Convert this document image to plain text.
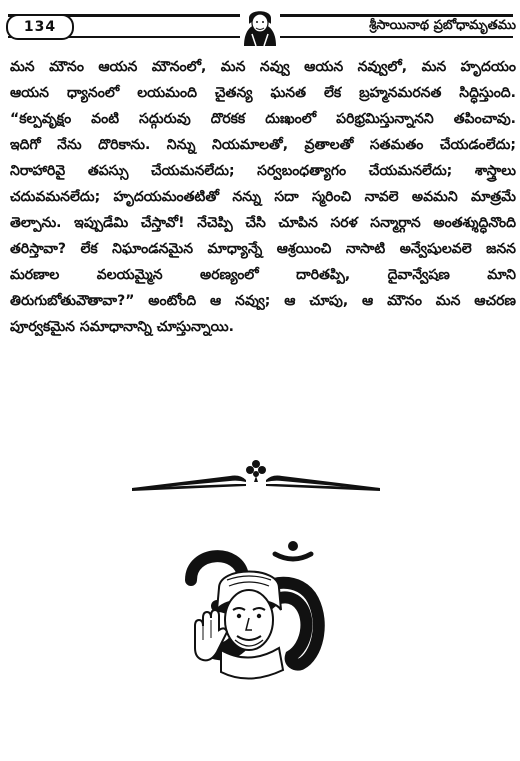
134	శ్రీసాయినాథ ప్రబోధామృతము
మన మౌనం ఆయన మౌనంలో, మన నవ్వు ఆయన నవ్వులో, మన హృదయం
ఆయన ధ్యానంలో లయమంది చైతన్య ఘనత లేక బ్రహ్మనమరనత సిద్ధిస్తుంది.
“కల్పవృక్షం వంటి సద్గురువు దొరకక దుఃఖంలో పరిభ్రమిస్తున్నానని తపించావు.
ఇదిగో నేను దొరికాను. నిన్ను నియమాలతో, వ్రతాలతో సతమతం చేయడంలేదు;
నిరాహారివై తపస్సు చేయమనలేదు; సర్వబంధత్యాగం చేయమనలేదు; శాస్త్రాలు
చదువమనలేదు; హృదయమంతటితో నన్ను సదా స్మరించి నావలె అవమని మాత్రమే
తెల్పాను. ఇప్పుడేమి చేస్తావో! నేచెప్పి చేసి చూపిన సరళ సన్మార్గాన అంతశ్శుద్ధినొంది
తరిస్తావా? లేక నిఘాండనమైన మాధ్యాన్నే ఆశ్రయించి నాసాటి అన్వేషులవలె జనన
మరణాల వలయమ్మైన అరణ్యంలో దారితప్పి, దైవాన్వేషణ మాని
తిరుగుబోతువౌతావా?” అంటోంది ఆ నవ్వు; ఆ చూపు, ఆ మౌనం మన ఆచరణ
పూర్వకమైన సమాధానాన్ని చూస్తున్నాయి.
